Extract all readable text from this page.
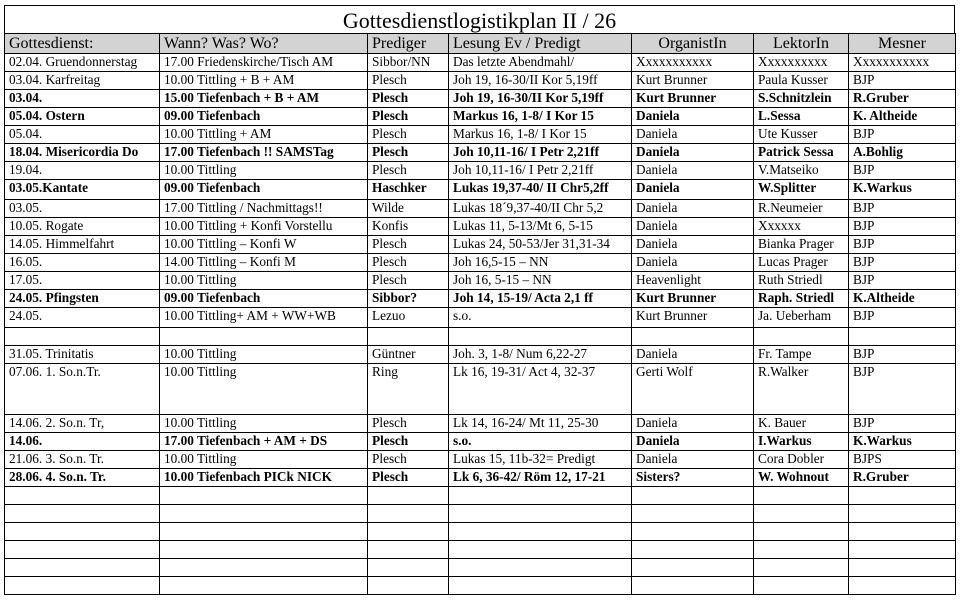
Gottesdienstlogistikplan II / 26
Gottesdienst:	Wann? Was? Wo?	Prediger	Lesung Ev / Predigt	OrganistIn	LektorIn	Mesner
02.04. Gruendonnerstag	17.00 Friedenskirche/Tisch AM	Sibbor/NN	Das letzte Abendmahl/	Xxxxxxxxxxx	Xxxxxxxxxx	Xxxxxxxxxxx
03.04. Karfreitag	10.00 Tittling + B + AM	Plesch	Joh 19, 16-30/II Kor 5,19ff	Kurt Brunner	Paula Kusser	BJP
03.04.	15.00 Tiefenbach + B + AM	Plesch	Joh 19, 16-30/II Kor 5,19ff	Kurt Brunner	S.Schnitzlein	R.Gruber
05.04. Ostern	09.00 Tiefenbach	Plesch	Markus 16, 1-8/ I Kor 15	Daniela	L.Sessa	K. Altheide
05.04.	10.00 Tittling + AM	Plesch	Markus 16, 1-8/ I Kor 15	Daniela	Ute Kusser	BJP
18.04. Misericordia Do	17.00 Tiefenbach !! SAMSTag	Plesch	Joh 10,11-16/ I Petr 2,21ff	Daniela	Patrick Sessa	A.Bohlig
19.04.	10.00 Tittling	Plesch	Joh 10,11-16/ I Petr 2,21ff	Daniela	V.Matseiko	BJP
03.05.Kantate	09.00 Tiefenbach	Haschker	Lukas 19,37-40/ II Chr5,2ff	Daniela	W.Splitter	K.Warkus
03.05.	17.00 Tittling / Nachmittags!!	Wilde	Lukas 18´9,37-40/II Chr 5,2	Daniela	R.Neumeier	BJP
10.05. Rogate	10.00 Tittling + Konfi Vorstellu	Konfis	Lukas 11, 5-13/Mt 6, 5-15	Daniela	Xxxxxx	BJP
14.05. Himmelfahrt	10.00 Tittling – Konfi W	Plesch	Lukas 24, 50-53/Jer 31,31-34	Daniela	Bianka Prager	BJP
16.05.	14.00 Tittling – Konfi M	Plesch	Joh 16,5-15 – NN	Daniela	Lucas Prager	BJP
17.05.	10.00 Tittling	Plesch	Joh 16, 5-15 – NN	Heavenlight	Ruth Striedl	BJP
24.05. Pfingsten	09.00 Tiefenbach	Sibbor?	Joh 14, 15-19/ Acta 2,1 ff	Kurt Brunner	Raph. Striedl	K.Altheide
24.05.	10.00 Tittling+ AM + WW+WB	Lezuo	s.o.	Kurt Brunner	Ja. Ueberham	BJP

31.05. Trinitatis	10.00 Tittling	Güntner	Joh. 3, 1-8/ Num 6,22-27	Daniela	Fr. Tampe	BJP
07.06. 1. So.n.Tr.	10.00 Tittling	Ring	Lk 16, 19-31/ Act 4, 32-37	Gerti Wolf	R.Walker	BJP
14.06. 2. So.n. Tr,	10.00 Tittling	Plesch	Lk 14, 16-24/ Mt 11, 25-30	Daniela	K. Bauer	BJP
14.06.	17.00 Tiefenbach + AM + DS	Plesch	s.o.	Daniela	I.Warkus	K.Warkus
21.06. 3. So.n. Tr.	10.00 Tittling	Plesch	Lukas 15, 11b-32= Predigt	Daniela	Cora Dobler	BJPS
28.06. 4. So.n. Tr.	10.00 Tiefenbach PICk NICK	Plesch	Lk 6, 36-42/ Röm 12, 17-21	Sisters?	W. Wohnout	R.Gruber
